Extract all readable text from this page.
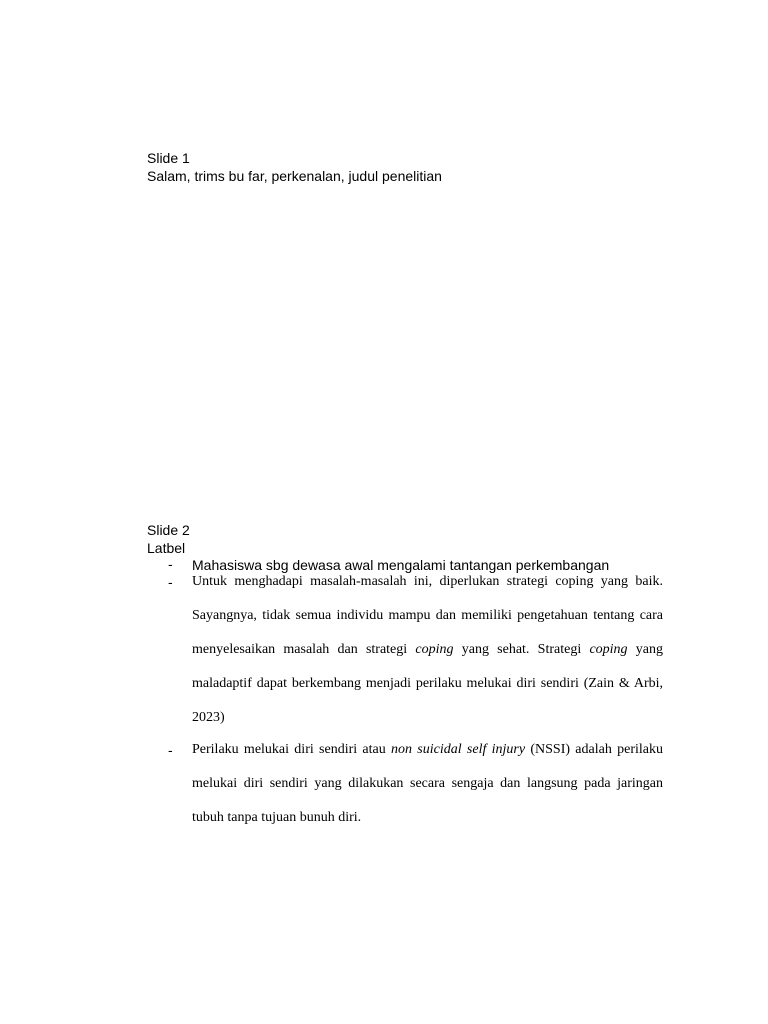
Slide 1
Salam, trims bu far, perkenalan, judul penelitian
Slide 2
Latbel
- Mahasiswa sbg dewasa awal mengalami tantangan perkembangan
- Untuk menghadapi masalah-masalah ini, diperlukan strategi coping yang baik. Sayangnya, tidak semua individu mampu dan memiliki pengetahuan tentang cara menyelesaikan masalah dan strategi coping yang sehat. Strategi coping yang maladaptif dapat berkembang menjadi perilaku melukai diri sendiri (Zain & Arbi, 2023)
- Perilaku melukai diri sendiri atau non suicidal self injury (NSSI) adalah perilaku melukai diri sendiri yang dilakukan secara sengaja dan langsung pada jaringan tubuh tanpa tujuan bunuh diri.
